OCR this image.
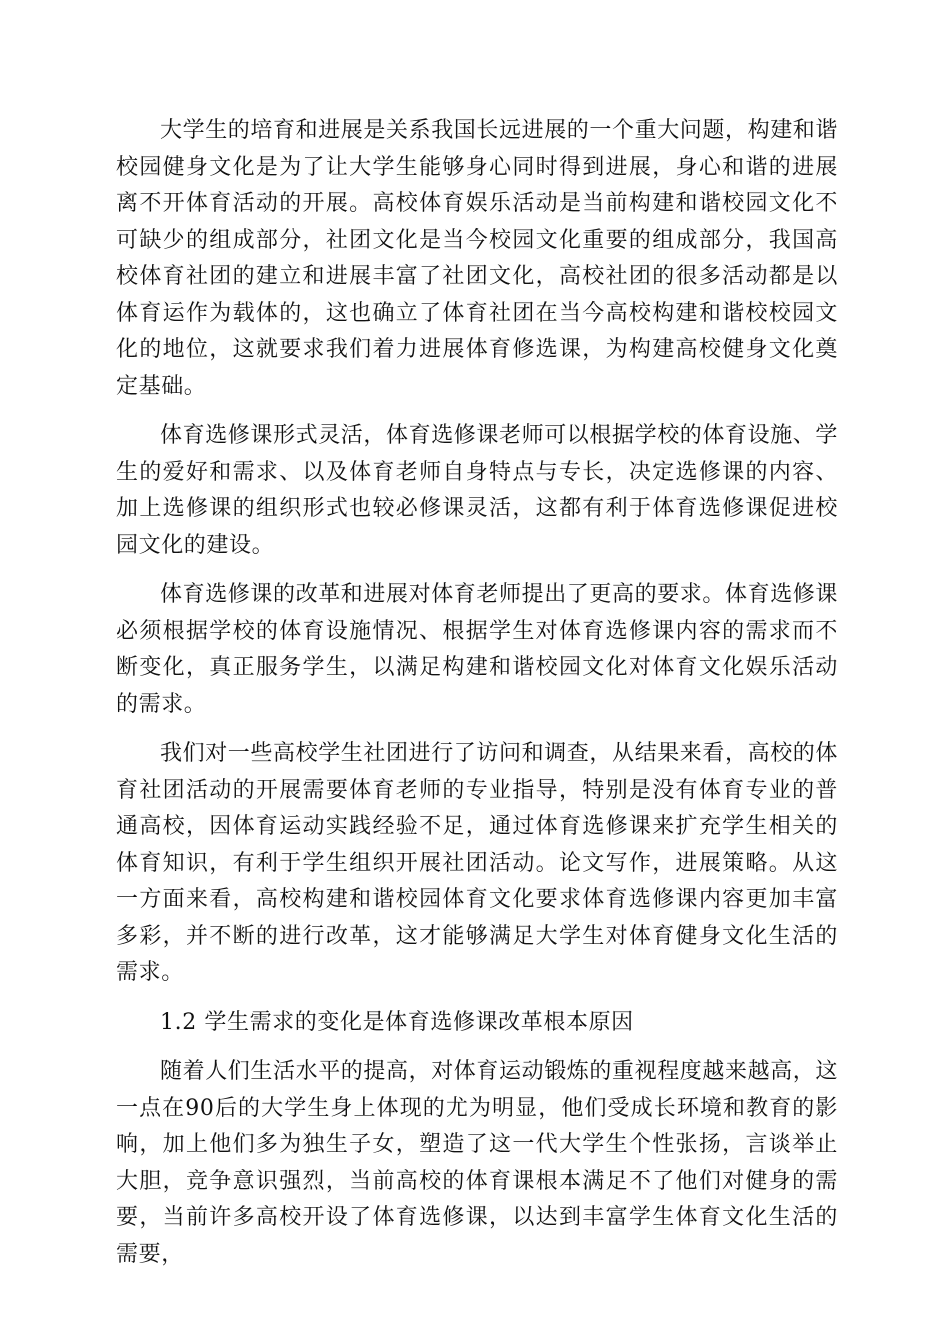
大学生的培育和进展是关系我国长远进展的一个重大问题，构建和谐校园健身文化是为了让大学生能够身心同时得到进展，身心和谐的进展离不开体育活动的开展。高校体育娱乐活动是当前构建和谐校园文化不可缺少的组成部分，社团文化是当今校园文化重要的组成部分，我国高校体育社团的建立和进展丰富了社团文化，高校社团的很多活动都是以体育运作为载体的，这也确立了体育社团在当今高校构建和谐校校园文化的地位，这就要求我们着力进展体育修选课，为构建高校健身文化奠定基础。

体育选修课形式灵活，体育选修课老师可以根据学校的体育设施、学生的爱好和需求、以及体育老师自身特点与专长，决定选修课的内容、加上选修课的组织形式也较必修课灵活，这都有利于体育选修课促进校园文化的建设。

体育选修课的改革和进展对体育老师提出了更高的要求。体育选修课必须根据学校的体育设施情况、根据学生对体育选修课内容的需求而不断变化，真正服务学生，以满足构建和谐校园文化对体育文化娱乐活动的需求。

我们对一些高校学生社团进行了访问和调查，从结果来看，高校的体育社团活动的开展需要体育老师的专业指导，特别是没有体育专业的普通高校，因体育运动实践经验不足，通过体育选修课来扩充学生相关的体育知识，有利于学生组织开展社团活动。论文写作，进展策略。从这一方面来看，高校构建和谐校园体育文化要求体育选修课内容更加丰富多彩，并不断的进行改革，这才能够满足大学生对体育健身文化生活的需求。

1.2 学生需求的变化是体育选修课改革根本原因

随着人们生活水平的提高，对体育运动锻炼的重视程度越来越高，这一点在90后的大学生身上体现的尤为明显，他们受成长环境和教育的影响，加上他们多为独生子女，塑造了这一代大学生个性张扬，言谈举止大胆，竞争意识强烈，当前高校的体育课根本满足不了他们对健身的需要，当前许多高校开设了体育选修课，以达到丰富学生体育文化生活的需要，
